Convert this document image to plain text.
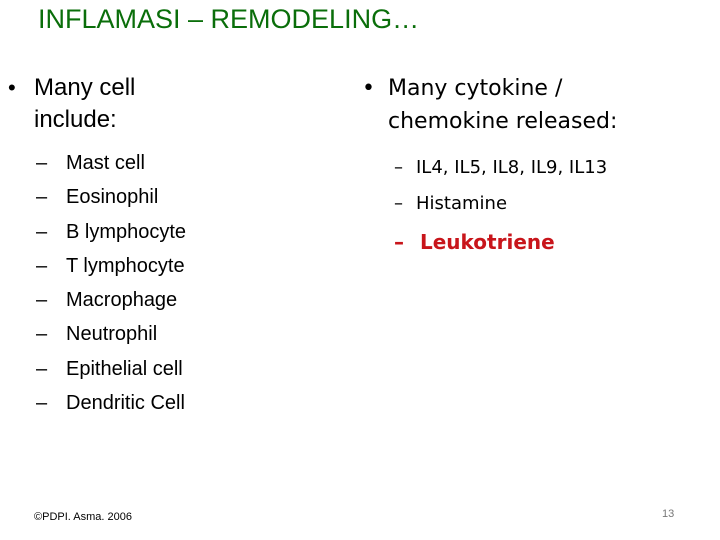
INFLAMASI – REMODELING…
• Many cell
include:
– Mast cell
– Eosinophil
– B lymphocyte
– T lymphocyte
– Macrophage
– Neutrophil
– Epithelial cell
– Dendritic Cell
• Many cytokine /
chemokine released:
– IL4, IL5, IL8, IL9, IL13
– Histamine
– Leukotriene
©PDPI. Asma. 2006	13
